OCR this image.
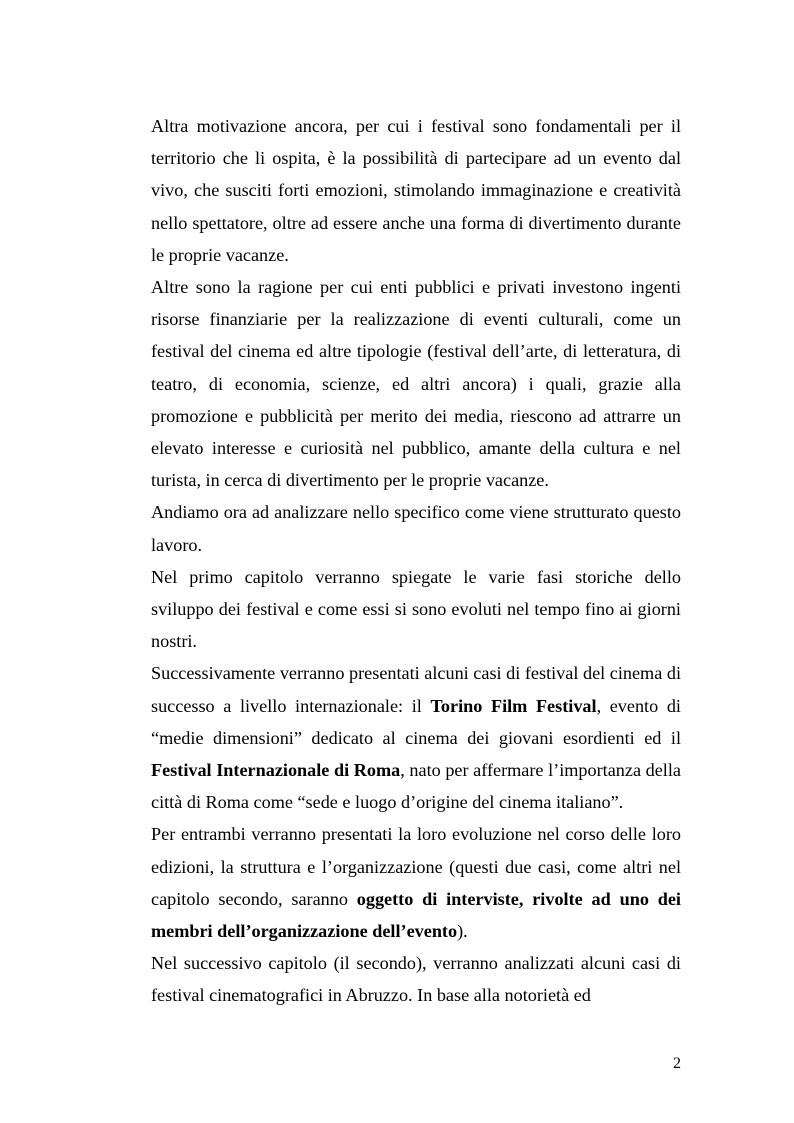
Altra motivazione ancora, per cui i festival sono fondamentali per il territorio che li ospita, è la possibilità di partecipare ad un evento dal vivo, che susciti forti emozioni, stimolando immaginazione e creatività nello spettatore, oltre ad essere anche una forma di divertimento durante le proprie vacanze.

Altre sono la ragione per cui enti pubblici e privati investono ingenti risorse finanziarie per la realizzazione di eventi culturali, come un festival del cinema ed altre tipologie (festival dell’arte, di letteratura, di teatro, di economia, scienze, ed altri ancora) i quali, grazie alla promozione e pubblicità per merito dei media, riescono ad attrarre un elevato interesse e curiosità nel pubblico, amante della cultura e nel turista, in cerca di divertimento per le proprie vacanze.

Andiamo ora ad analizzare nello specifico come viene strutturato questo lavoro.

Nel primo capitolo verranno spiegate le varie fasi storiche dello sviluppo dei festival e come essi si sono evoluti nel tempo fino ai giorni nostri.

Successivamente verranno presentati alcuni casi di festival del cinema di successo a livello internazionale: il Torino Film Festival, evento di “medie dimensioni” dedicato al cinema dei giovani esordienti ed il Festival Internazionale di Roma, nato per affermare l’importanza della città di Roma come “sede e luogo d’origine del cinema italiano”.

Per entrambi verranno presentati la loro evoluzione nel corso delle loro edizioni, la struttura e l’organizzazione (questi due casi, come altri nel capitolo secondo, saranno oggetto di interviste, rivolte ad uno dei membri dell’organizzazione dell’evento).

Nel successivo capitolo (il secondo), verranno analizzati alcuni casi di festival cinematografici in Abruzzo. In base alla notorietà ed

2
